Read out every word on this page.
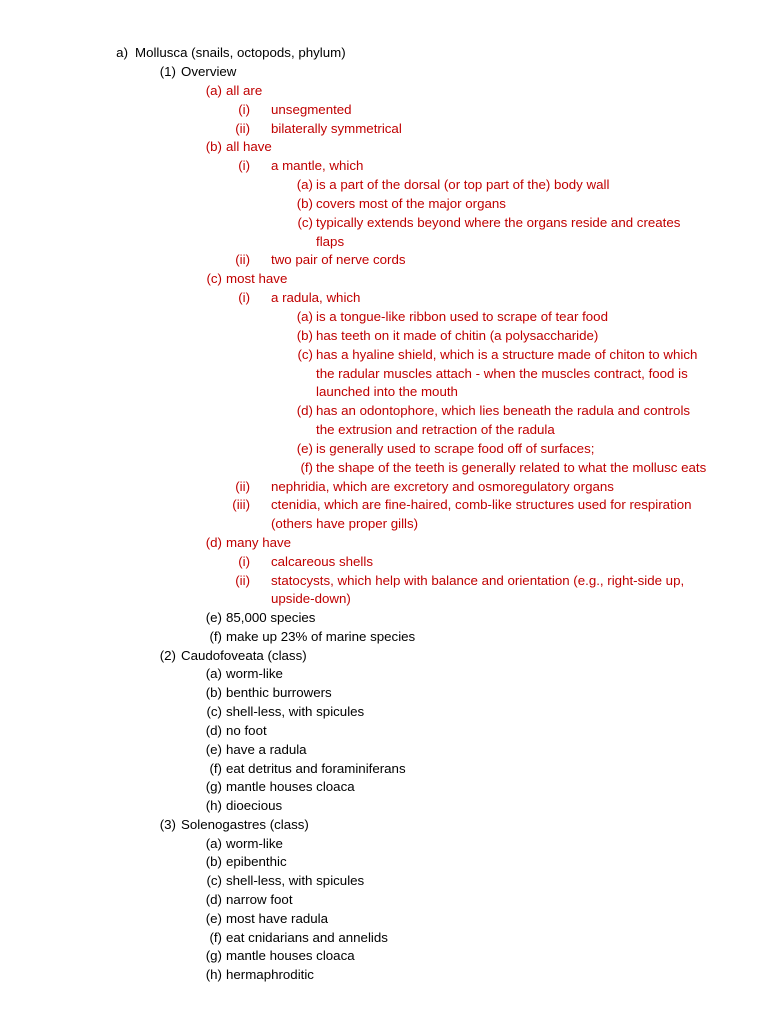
a) Mollusca (snails, octopods, phylum)
(1) Overview
(a) all are
(i) unsegmented
(ii) bilaterally symmetrical
(b) all have
(i) a mantle, which
(a) is a part of the dorsal (or top part of the) body wall
(b) covers most of the major organs
(c) typically extends beyond where the organs reside and creates
flaps
(ii) two pair of nerve cords
(c) most have
(i) a radula, which
(a) is a tongue-like ribbon used to scrape of tear food
(b) has teeth on it made of chitin (a polysaccharide)
(c) has a hyaline shield, which is a structure made of chiton to which
the radular muscles attach - when the muscles contract, food is
launched into the mouth
(d) has an odontophore, which lies beneath the radula and controls
the extrusion and retraction of the radula
(e) is generally used to scrape food off of surfaces;
(f) the shape of the teeth is generally related to what the mollusc eats
(ii) nephridia, which are excretory and osmoregulatory organs
(iii) ctenidia, which are fine-haired, comb-like structures used for respiration
(others have proper gills)
(d) many have
(i) calcareous shells
(ii) statocysts, which help with balance and orientation (e.g., right-side up,
upside-down)
(e) 85,000 species
(f) make up 23% of marine species
(2) Caudofoveata (class)
(a) worm-like
(b) benthic burrowers
(c) shell-less, with spicules
(d) no foot
(e) have a radula
(f) eat detritus and foraminiferans
(g) mantle houses cloaca
(h) dioecious
(3) Solenogastres (class)
(a) worm-like
(b) epibenthic
(c) shell-less, with spicules
(d) narrow foot
(e) most have radula
(f) eat cnidarians and annelids
(g) mantle houses cloaca
(h) hermaphroditic
